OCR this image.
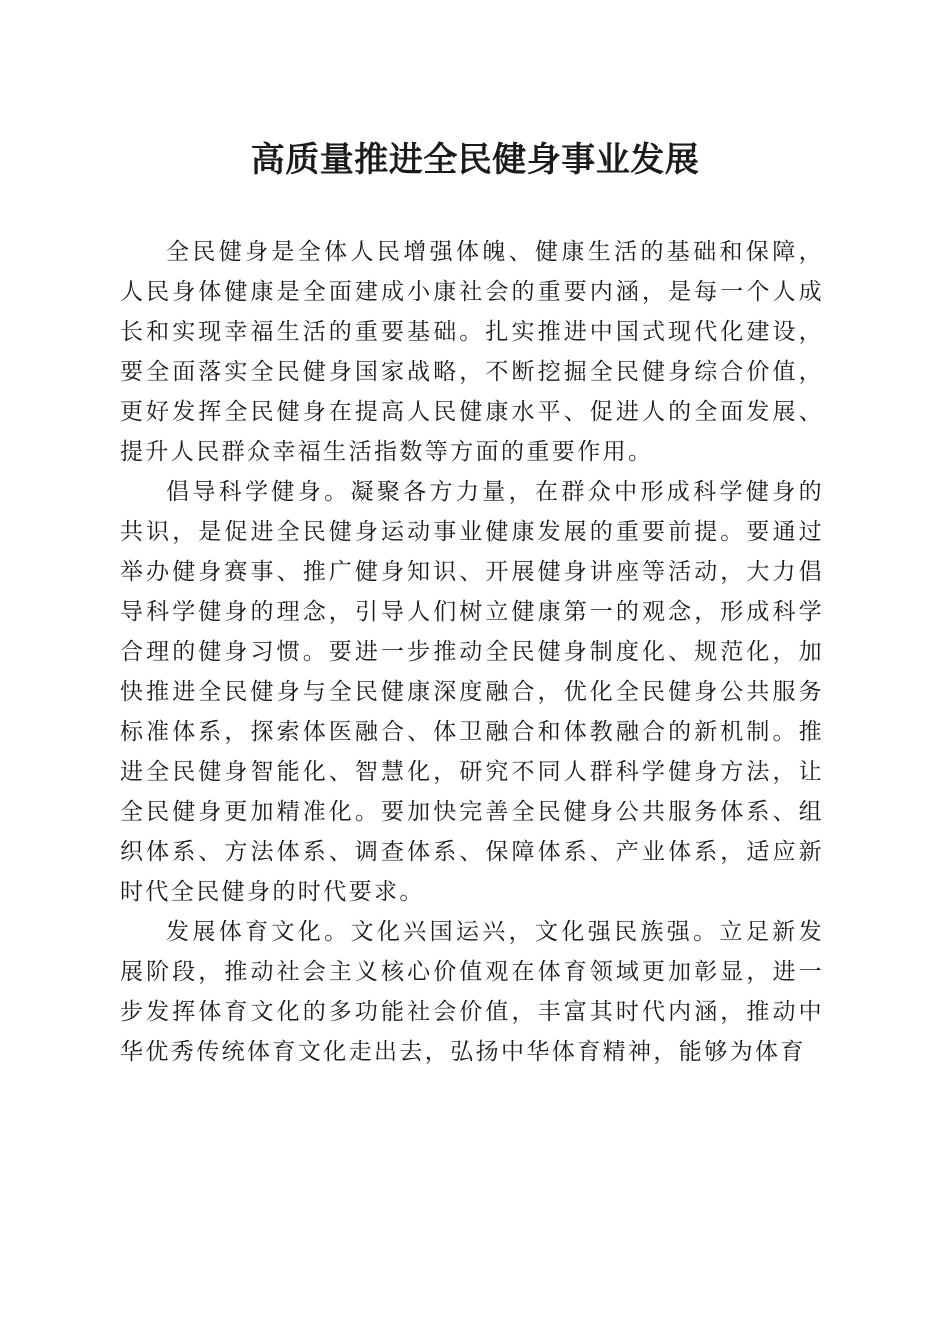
高质量推进全民健身事业发展

全民健身是全体人民增强体魄、健康生活的基础和保障，人民身体健康是全面建成小康社会的重要内涵，是每一个人成长和实现幸福生活的重要基础。扎实推进中国式现代化建设，要全面落实全民健身国家战略，不断挖掘全民健身综合价值，更好发挥全民健身在提高人民健康水平、促进人的全面发展、提升人民群众幸福生活指数等方面的重要作用。

倡导科学健身。凝聚各方力量，在群众中形成科学健身的共识，是促进全民健身运动事业健康发展的重要前提。要通过举办健身赛事、推广健身知识、开展健身讲座等活动，大力倡导科学健身的理念，引导人们树立健康第一的观念，形成科学合理的健身习惯。要进一步推动全民健身制度化、规范化，加快推进全民健身与全民健康深度融合，优化全民健身公共服务标准体系，探索体医融合、体卫融合和体教融合的新机制。推进全民健身智能化、智慧化，研究不同人群科学健身方法，让全民健身更加精准化。要加快完善全民健身公共服务体系、组织体系、方法体系、调查体系、保障体系、产业体系，适应新时代全民健身的时代要求。

发展体育文化。文化兴国运兴，文化强民族强。立足新发展阶段，推动社会主义核心价值观在体育领域更加彰显，进一步发挥体育文化的多功能社会价值，丰富其时代内涵，推动中华优秀传统体育文化走出去，弘扬中华体育精神，能够为体育
